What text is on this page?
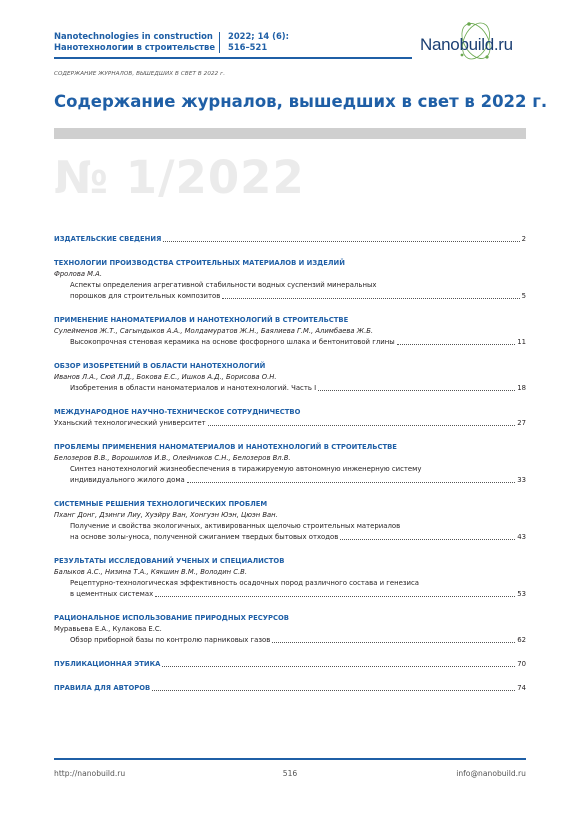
Nanotechnologies in construction
Нанотехнологии в строительстве
2022; 14 (6):
516–521	Nanobuild.ru
СОДЕРЖАНИЕ ЖУРНАЛОВ, ВЫШЕДШИХ В СВЕТ В 2022 г.
Содержание журналов, вышедших в свет в 2022 г.
№ 1/2022
ИЗДАТЕЛЬСКИЕ СВЕДЕНИЯ	2
ТЕХНОЛОГИИ ПРОИЗВОДСТВА СТРОИТЕЛЬНЫХ МАТЕРИАЛОВ И ИЗДЕЛИЙ
Фролова М.А.
Аспекты определения агрегативной стабильности водных суспензий минеральных
порошков для строительных композитов	5
ПРИМЕНЕНИЕ НАНОМАТЕРИАЛОВ И НАНОТЕХНОЛОГИЙ В СТРОИТЕЛЬСТВЕ
Сулейменов Ж.Т., Сагындыков А.А., Молдамуратов Ж.Н., Баялиева Г.М., Алимбаева Ж.Б.
Высокопрочная стеновая керамика на основе фосфорного шлака и бентонитовой глины	11
ОБЗОР ИЗОБРЕТЕНИЙ В ОБЛАСТИ НАНОТЕХНОЛОГИЙ
Иванов Л.А., Сюй Л.Д., Бокова Е.С., Ишков А.Д., Борисова О.Н.
Изобретения в области наноматериалов и нанотехнологий. Часть I	18
МЕЖДУНАРОДНОЕ НАУЧНО-ТЕХНИЧЕСКОЕ СОТРУДНИЧЕСТВО
Уханьский технологический университет	27
ПРОБЛЕМЫ ПРИМЕНЕНИЯ НАНОМАТЕРИАЛОВ И НАНОТЕХНОЛОГИЙ В СТРОИТЕЛЬСТВЕ
Белозеров В.В., Ворошилов И.В., Олейников С.Н., Белозеров Вл.В.
Синтез нанотехнологий жизнеобеспечения в тиражируемую автономную инженерную систему
индивидуального жилого дома	33
СИСТЕМНЫЕ РЕШЕНИЯ ТЕХНОЛОГИЧЕСКИХ ПРОБЛЕМ
Пханг Донг, Дзинги Лиу, Хуэйру Ван, Хонгуэн Юэн, Цюэн Ван.
Получение и свойства экологичных, активированных щелочью строительных материалов
на основе золы-уноса, полученной сжиганием твердых бытовых отходов	43
РЕЗУЛЬТАТЫ ИССЛЕДОВАНИЙ УЧЕНЫХ И СПЕЦИАЛИСТОВ
Балыков А.С., Низина Т.А., Кякшин В.М., Володин С.В.
Рецептурно-технологическая эффективность осадочных пород различного состава и генезиса
в цементных системах	53
РАЦИОНАЛЬНОЕ ИСПОЛЬЗОВАНИЕ ПРИРОДНЫХ РЕСУРСОВ
Муравьева Е.А., Кулакова Е.С.
Обзор приборной базы по контролю парниковых газов	62
ПУБЛИКАЦИОННАЯ ЭТИКА	70
ПРАВИЛА ДЛЯ АВТОРОВ	74
516
http://nanobuild.ru	info@nanobuild.ru
